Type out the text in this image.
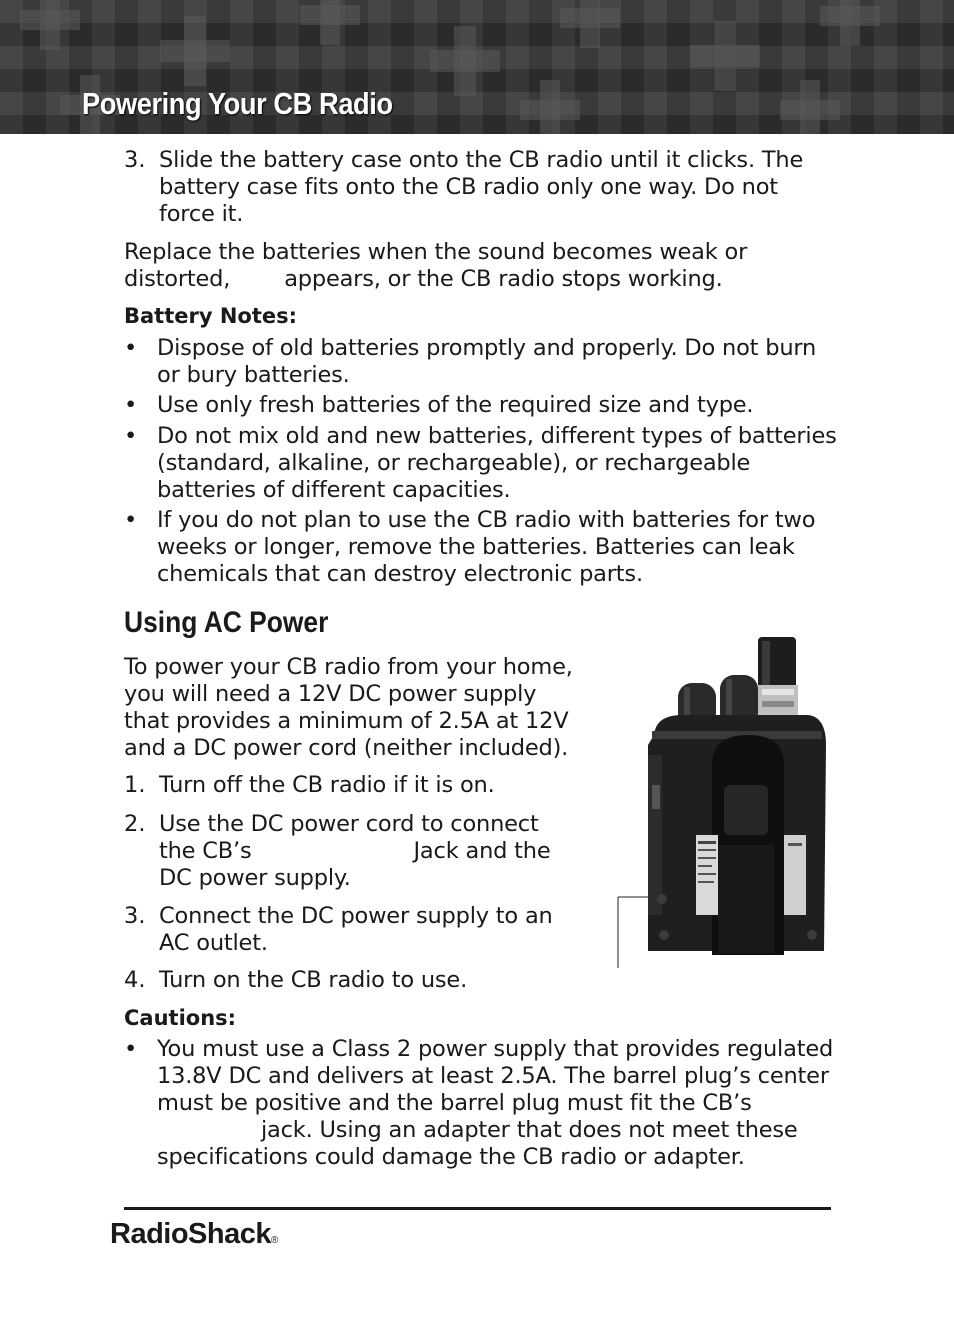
Powering Your CB Radio
3. Slide the battery case onto the CB radio until it clicks. The
battery case fits onto the CB radio only one way. Do not
force it.
Replace the batteries when the sound becomes weak or
distorted, appears, or the CB radio stops working.
Battery Notes:
• Dispose of old batteries promptly and properly. Do not burn
or bury batteries.
• Use only fresh batteries of the required size and type.
• Do not mix old and new batteries, different types of batteries
(standard, alkaline, or rechargeable), or rechargeable
batteries of different capacities.
• If you do not plan to use the CB radio with batteries for two
weeks or longer, remove the batteries. Batteries can leak
chemicals that can destroy electronic parts.
Using AC Power
To power your CB radio from your home,
you will need a 12V DC power supply
that provides a minimum of 2.5A at 12V
and a DC power cord (neither included).
1. Turn off the CB radio if it is on.
2. Use the DC power cord to connect
the CB’s	Jack and the
DC power supply.
3. Connect the DC power supply to an
AC outlet.
4. Turn on the CB radio to use.
Cautions:
• You must use a Class 2 power supply that provides regulated
13.8V DC and delivers at least 2.5A. The barrel plug’s center
must be positive and the barrel plug must fit the CB’s
jack. Using an adapter that does not meet these
specifications could damage the CB radio or adapter.
RadioShack®
